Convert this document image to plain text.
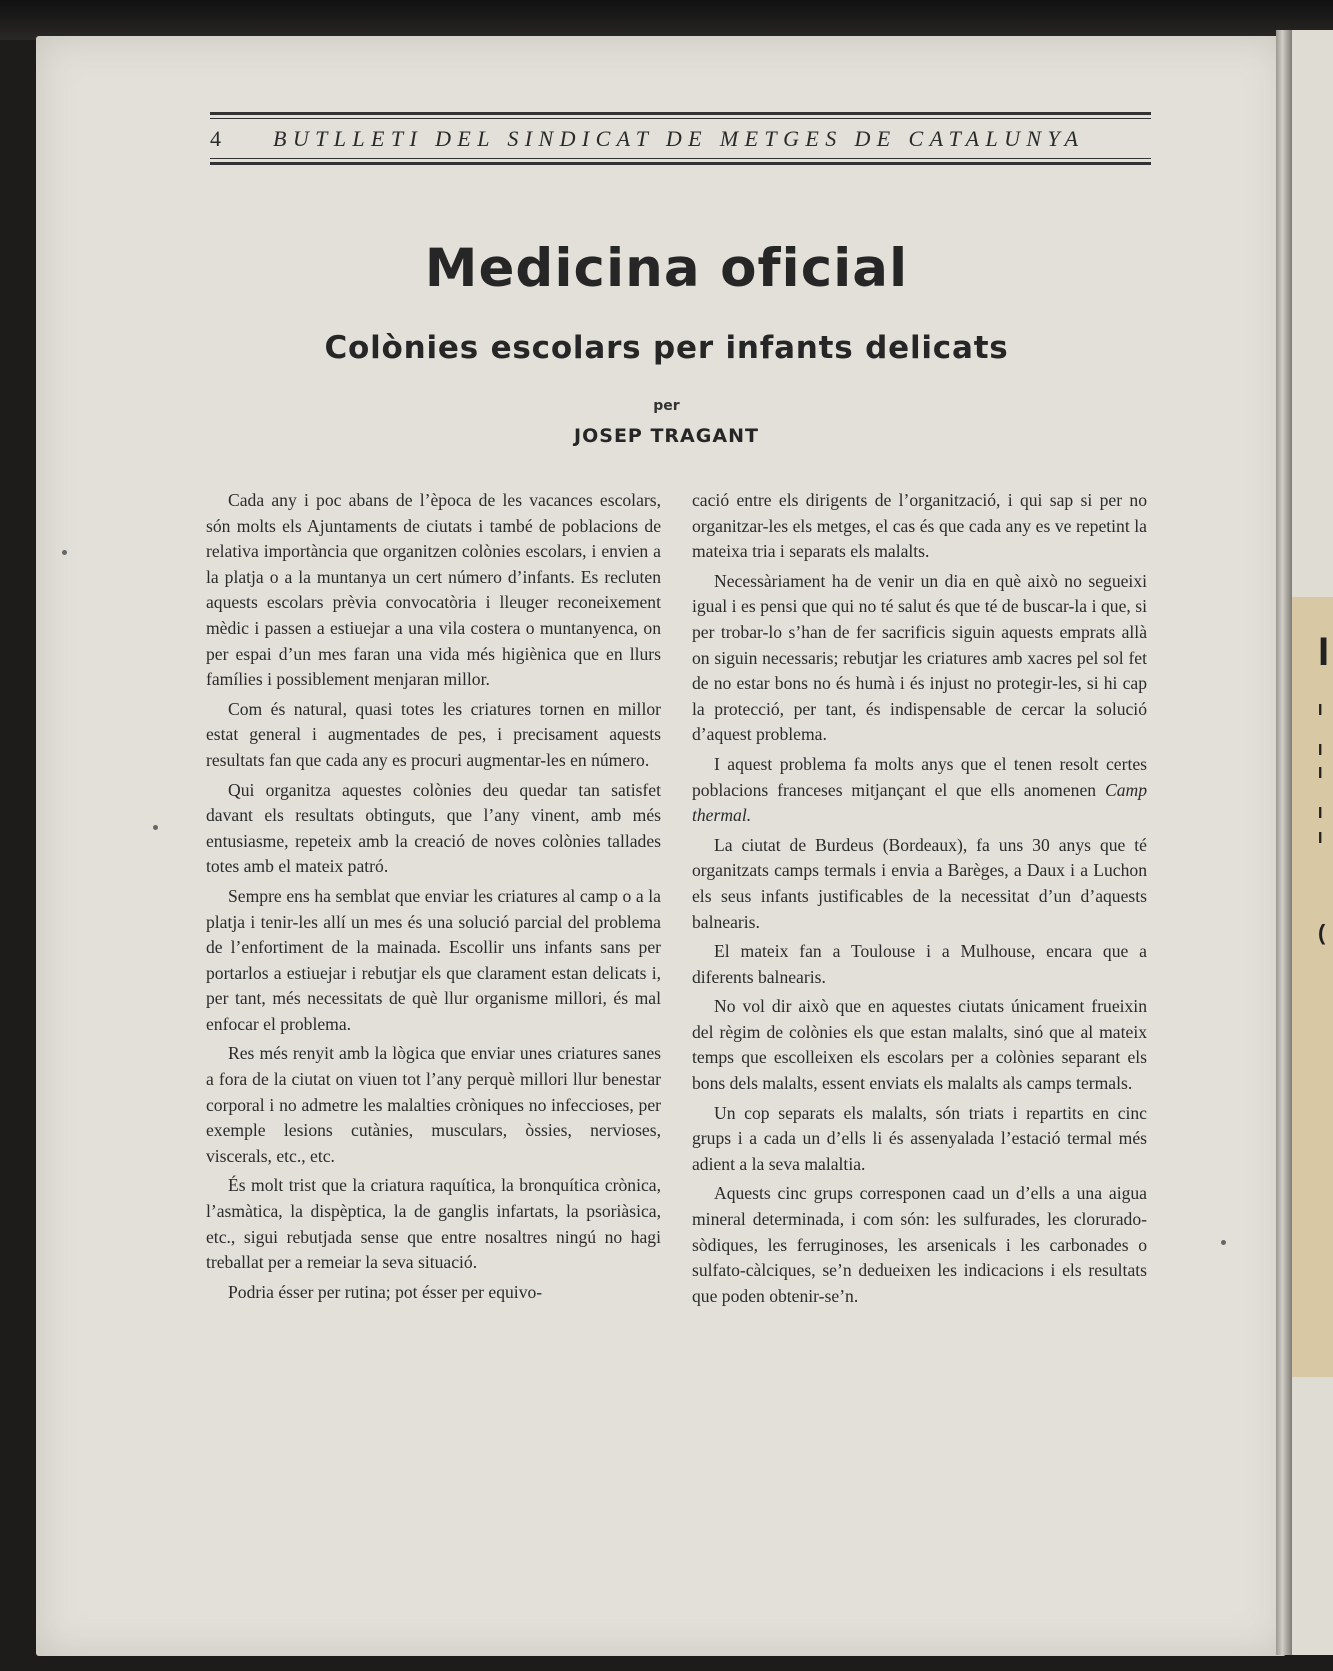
I
I
I
I
I
I
(
4 BUTLLETI DEL SINDICAT DE METGES DE CATALUNYA
Medicina oficial
Colònies escolars per infants delicats
per
JOSEP TRAGANT

Cada any i poc abans de l’època de les vacances escolars, són molts els Ajuntaments de ciutats i també de poblacions de relativa importància que organitzen colònies escolars, i envien a la platja o a la muntanya un cert número d’infants. Es recluten aquests escolars prèvia convocatòria i lleuger reconeixement mèdic i passen a estiuejar a una vila costera o muntanyenca, on per espai d’un mes faran una vida més higiènica que en llurs famílies i possiblement menjaran millor.

Com és natural, quasi totes les criatures tornen en millor estat general i augmentades de pes, i precisament aquests resultats fan que cada any es procuri augmentar-les en número.

Qui organitza aquestes colònies deu quedar tan satisfet davant els resultats obtinguts, que l’any vinent, amb més entusiasme, repeteix amb la creació de noves colònies tallades totes amb el mateix patró.

Sempre ens ha semblat que enviar les criatures al camp o a la platja i tenir-les allí un mes és una solució parcial del problema de l’enfortiment de la mainada. Escollir uns infants sans per portarlos a estiuejar i rebutjar els que clarament estan delicats i, per tant, més necessitats de què llur organisme millori, és mal enfocar el problema.

Res més renyit amb la lògica que enviar unes criatures sanes a fora de la ciutat on viuen tot l’any perquè millori llur benestar corporal i no admetre les malalties cròniques no infeccioses, per exemple lesions cutànies, musculars, òssies, nervioses, viscerals, etc., etc.

És molt trist que la criatura raquítica, la bronquítica crònica, l’asmàtica, la dispèptica, la de ganglis infartats, la psoriàsica, etc., sigui rebutjada sense que entre nosaltres ningú no hagi treballat per a remeiar la seva situació.

Podria ésser per rutina; pot ésser per equivo-

cació entre els dirigents de l’organització, i qui sap si per no organitzar-les els metges, el cas és que cada any es ve repetint la mateixa tria i separats els malalts.

Necessàriament ha de venir un dia en què això no segueixi igual i es pensi que qui no té salut és que té de buscar-la i que, si per trobar-lo s’han de fer sacrificis siguin aquests emprats allà on siguin necessaris; rebutjar les criatures amb xacres pel sol fet de no estar bons no és humà i és injust no protegir-les, si hi cap la protecció, per tant, és indispensable de cercar la solució d’aquest problema.

I aquest problema fa molts anys que el tenen resolt certes poblacions franceses mitjançant el que ells anomenen Camp thermal.

La ciutat de Burdeus (Bordeaux), fa uns 30 anys que té organitzats camps termals i envia a Barèges, a Daux i a Luchon els seus infants justificables de la necessitat d’un d’aquests balnearis.

El mateix fan a Toulouse i a Mulhouse, encara que a diferents balnearis.

No vol dir això que en aquestes ciutats únicament frueixin del règim de colònies els que estan malalts, sinó que al mateix temps que escolleixen els escolars per a colònies separant els bons dels malalts, essent enviats els malalts als camps termals.

Un cop separats els malalts, són triats i repartits en cinc grups i a cada un d’ells li és assenyalada l’estació termal més adient a la seva malaltia.

Aquests cinc grups corresponen caad un d’ells a una aigua mineral determinada, i com són: les sulfurades, les clorurado-sòdiques, les ferruginoses, les arsenicals i les carbonades o sulfato-càlciques, se’n dedueixen les indicacions i els resultats que poden obtenir-se’n.
